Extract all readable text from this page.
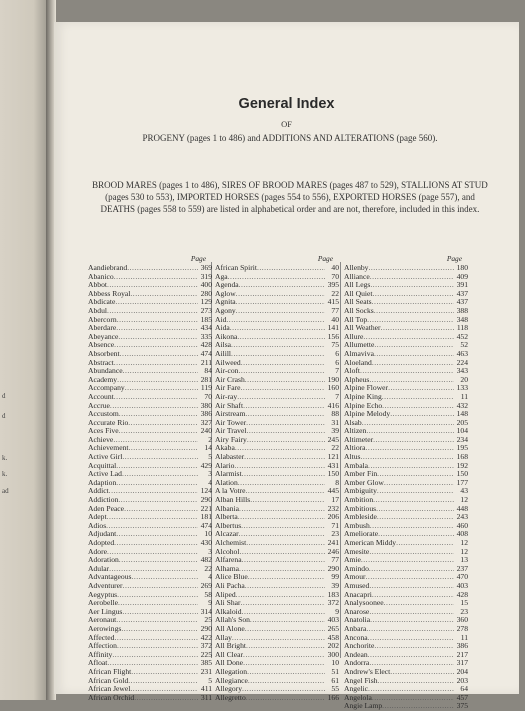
d
d
k.
k.
ad
General Index
OF
PROGENY (pages 1 to 486) and ADDITIONS AND ALTERATIONS (page 560).
BROOD MARES (pages 1 to 486), SIRES OF BROOD MARES (pages 487 to 529), STALLIONS AT STUD (pages 530 to 553), IMPORTED HORSES (pages 554 to 556), EXPORTED HORSES (page 557), and DEATHS (pages 558 to 559) are listed in alphabetical order and are not, therefore, included in this index.
Page
Aandiebrand .....	369
Abanico .....	319
Abbot .....	400
Abbess Royal .....	280
Abdicate .....	129
Abdul .....	273
Abercorn .....	185
Aberdare .....	434
Abeyance .....	335
Absence .....	428
Absorbent .....	474
Abstract .....	211
Abundance .....	84
Academy .....	281
Accompany .....	119
Account .....	70
Accrue .....	380
Accustom .....	386
Accurate Rio .....	327
Aces Five .....	240
Achieve .....	2
Achievement .....	14
Active Girl .....	5
Acquittal .....	429
Active Lad .....	3
Adaption .....	4
Addict .....	124
Addiction .....	290
Aden Peace .....	221
Adept .....	181
Adios .....	474
Adjudant .....	10
Adopted .....	430
Adore .....	3
Adoration .....	482
Adular .....	22
Advantageous .....	4
Adventurer .....	269
Aegyptus .....	58
Aerobelle .....	9
Aer Lingus .....	314
Aeronaut .....	25
Aerowings .....	290
Affected .....	422
Affection .....	372
Affinity .....	225
Afloat .....	385
African Flight .....	231
African Gold .....	5
African Jewel .....	411
African Orchid .....	311
Page
African Spirit .....	40
Aga .....	70
Agenda .....	395
Aglow .....	22
Agnita .....	415
Agony .....	77
Aid .....	40
Aida .....	141
Aikona .....	156
Ailsa .....	75
Ailill .....	6
Ailweed .....	6
Air-con .....	7
Air Crash .....	190
Air Fare .....	160
Air-ray .....	7
Air Shaft .....	416
Airstream .....	88
Air Tower .....	31
Air Travel .....	39
Airy Fairy .....	245
Akaba .....	22
Alabaster .....	121
Alario .....	431
Alarmist .....	150
Alation .....	8
A la Votre .....	445
Alban Hills .....	17
Albania .....	232
Alberta .....	206
Albertus .....	71
Alcazar .....	23
Alchemist .....	241
Alcohol .....	246
Alfarena .....	77
Alhama .....	290
Alice Blue .....	99
Ali Pacha .....	39
Aliped .....	183
Ali Shar .....	372
Alkaloid .....	9
Allah's Son .....	403
All Alone .....	265
Allay .....	458
All Bright .....	202
All Clear .....	300
All Done .....	10
Allegation .....	51
Allegiance .....	61
Allegory .....	55
Allegretto .....	166
Page
Allenby .....	180
Alliance .....	409
All Legs .....	391
All Quiet .....	437
All Seats .....	437
All Socks .....	388
All Top .....	348
All Weather .....	118
Allure .....	452
Allumette .....	52
Almaviva .....	463
Aloeland .....	224
Aloft .....	343
Alpheus .....	20
Alpine Flower .....	133
Alpine King .....	11
Alpine Echo .....	432
Alpine Melody .....	148
Alsab .....	205
Altizen .....	104
Altimeter .....	234
Altiora .....	195
Altus .....	168
Ambala .....	192
Amber Fin .....	150
Amber Glow .....	177
Ambiguity .....	43
Ambition .....	12
Ambitious .....	448
Ambleside .....	243
Ambush .....	460
Ameliorate .....	408
American Middy .....	12
Amesite .....	12
Amie .....	13
Amindo .....	237
Amour .....	470
Amused .....	403
Anacapri .....	428
Analysoonee .....	15
Anarose .....	23
Anatolia .....	360
Anbara .....	278
Ancona .....	11
Anchorite .....	386
Andean .....	217
Andorra .....	317
Andrew's Elect .....	204
Angel Fish .....	203
Angelic .....	64
Angelola .....	457
Angie Lamp .....	375
